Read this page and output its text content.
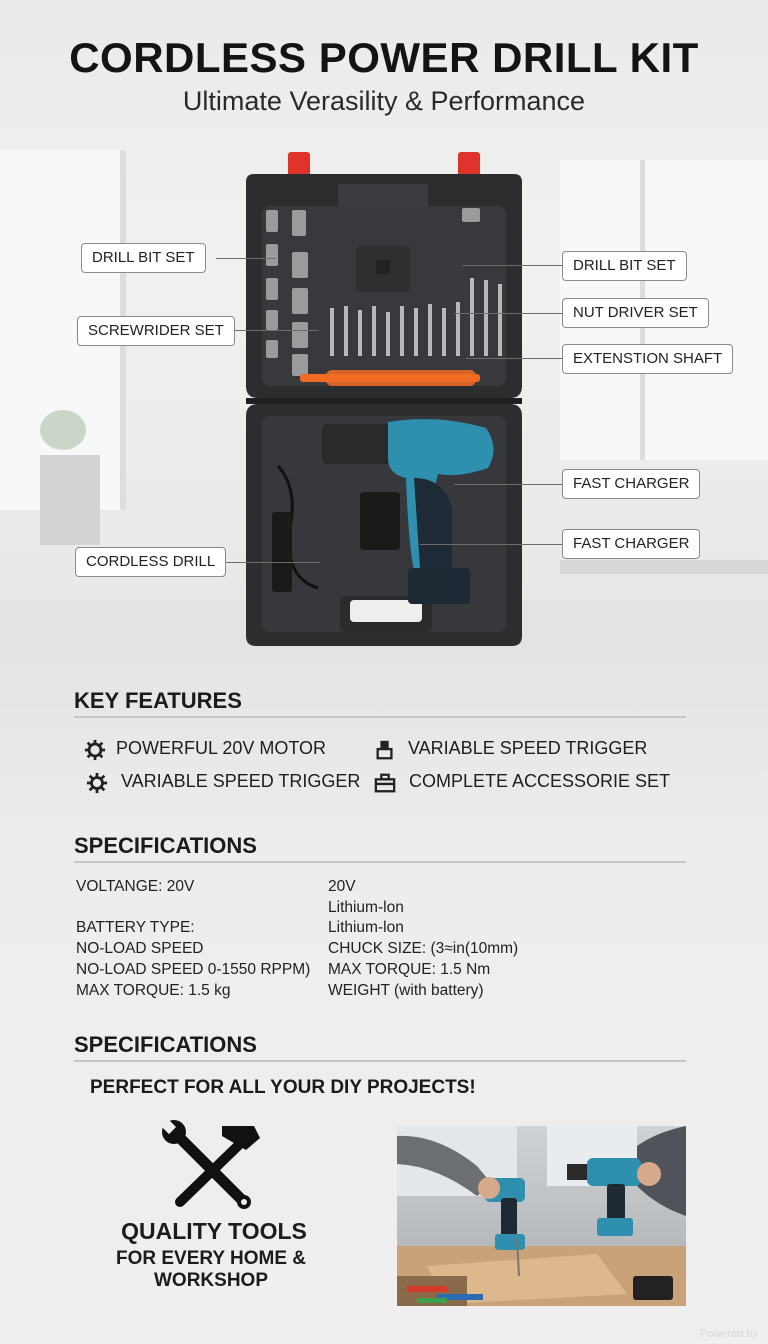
CORDLESS POWER DRILL KIT
Ultimate Verasility & Performance
DRILL BIT SET
SCREWRIDER SET
CORDLESS DRILL
DRILL BIT SET
NUT DRIVER SET
EXTENSTION SHAFT
FAST CHARGER
FAST CHARGER
KEY FEATURES
POWERFUL 20V MOTOR	VARIABLE SPEED TRIGGER
VARIABLE SPEED TRIGGER	COMPLETE ACCESSORIE SET
SPECIFICATIONS
VOLTANGE: 20V
BATTERY TYPE:
NO-LOAD SPEED
NO-LOAD SPEED 0-1550 RPPM)
MAX TORQUE: 1.5 kg
20V
Lithium-lon
Lithium-lon
CHUCK SIZE: (3≈in(10mm)
MAX TORQUE: 1.5 Nm
WEIGHT (with battery)
SPECIFICATIONS
PERFECT FOR ALL YOUR DIY PROJECTS!
QUALITY TOOLS
FOR EVERY HOME & WORKSHOP
Powered by
